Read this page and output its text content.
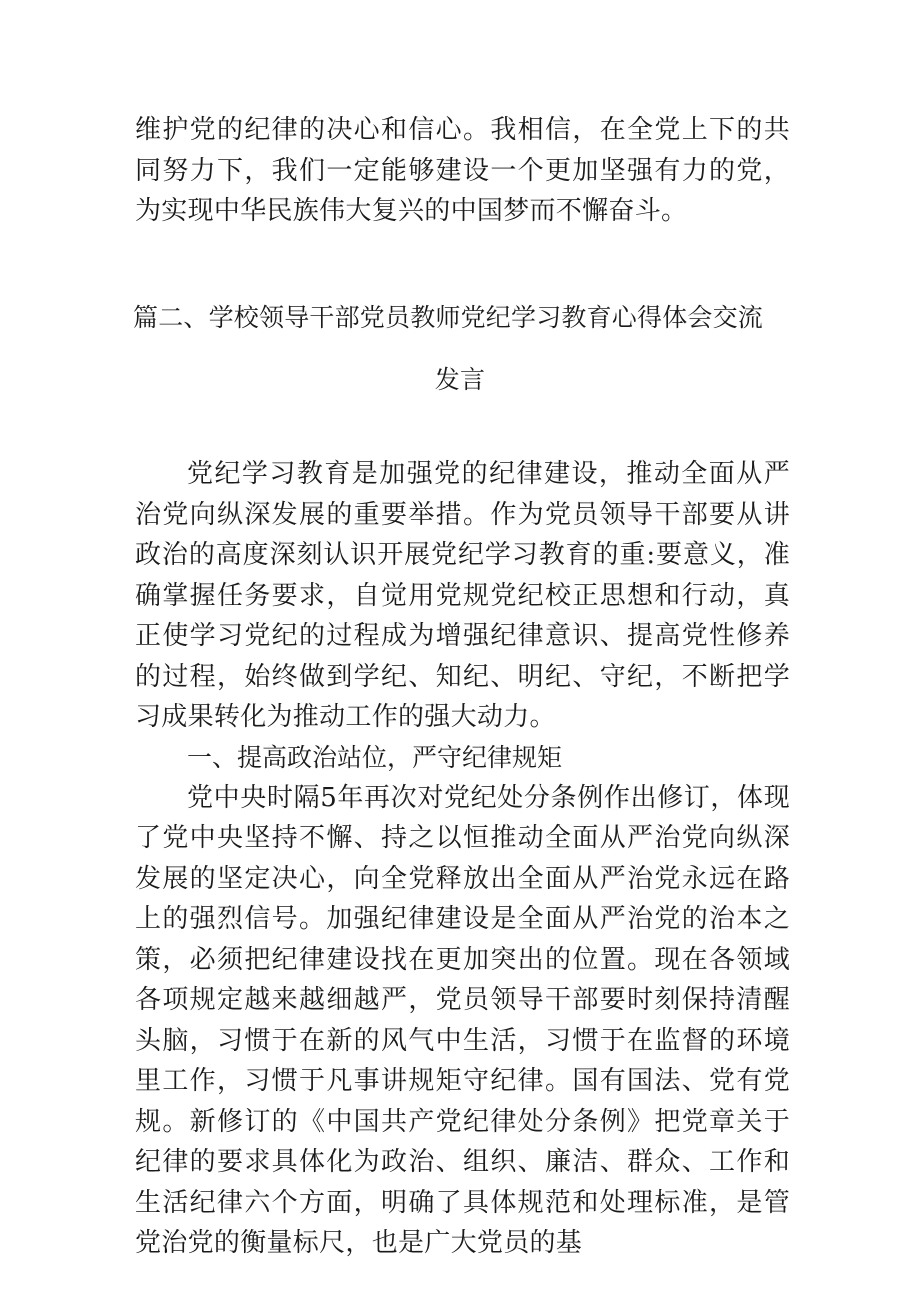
维护党的纪律的决心和信心。我相信，在全党上下的共同努力下，我们一定能够建设一个更加坚强有力的党，为实现中华民族伟大复兴的中国梦而不懈奋斗。

篇二、学校领导干部党员教师党纪学习教育心得体会交流

发言

党纪学习教育是加强党的纪律建设，推动全面从严治党向纵深发展的重要举措。作为党员领导干部要从讲政治的高度深刻认识开展党纪学习教育的重:要意义，准确掌握任务要求，自觉用党规党纪校正思想和行动，真正使学习党纪的过程成为增强纪律意识、提高党性修养的过程，始终做到学纪、知纪、明纪、守纪，不断把学习成果转化为推动工作的强大动力。

一、提高政治站位，严守纪律规矩

党中央时隔5年再次对党纪处分条例作出修订，体现了党中央坚持不懈、持之以恒推动全面从严治党向纵深发展的坚定决心，向全党释放出全面从严治党永远在路上的强烈信号。加强纪律建设是全面从严治党的治本之策，必须把纪律建设找在更加突出的位置。现在各领域各项规定越来越细越严，党员领导干部要时刻保持清醒头脑，习惯于在新的风气中生活，习惯于在监督的环境里工作，习惯于凡事讲规矩守纪律。国有国法、党有党规。新修订的《中国共产党纪律处分条例》把党章关于纪律的要求具体化为政治、组织、廉洁、群众、工作和生活纪律六个方面，明确了具体规范和处理标准，是管党治党的衡量标尺，也是广大党员的基
